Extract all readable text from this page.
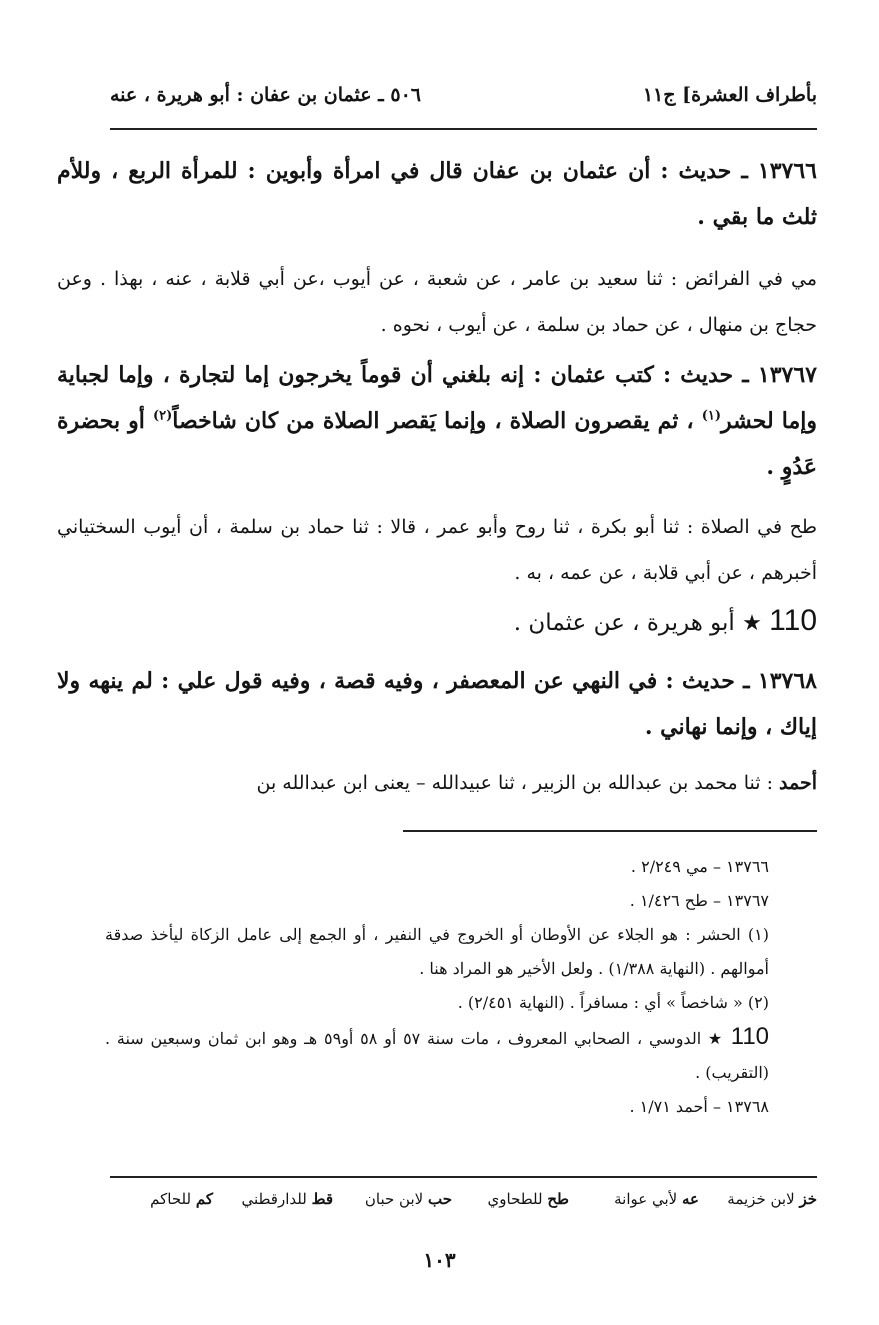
بأطراف العشرة] ج١١
٥٠٦ ـ عثمان بن عفان : أبو هريرة ، عنه
١٣٧٦٦ ـ حديث : أن عثمان بن عفان قال في امرأة وأبوين : للمرأة الربع ، وللأم ثلث ما بقي .
مي في الفرائض : ثنا سعيد بن عامر ، عن شعبة ، عن أيوب ،عن أبي قلابة ، عنه ، بهذا . وعن حجاج بن منهال ، عن حماد بن سلمة ، عن أيوب ، نحوه .
١٣٧٦٧ ـ حديث : كتب عثمان : إنه بلغني أن قوماً يخرجون إما لتجارة ، وإما لجباية وإما لحشر$^{(١)}$ ، ثم يقصرون الصلاة ، وإنما يَقصر الصلاة من كان شاخصاً$^{(٢)}$ أو بحضرة عَدُوٍ .
طح في الصلاة : ثنا أبو بكرة ، ثنا روح وأبو عمر ، قالا : ثنا حماد بن سلمة ، أن أيوب السختياني أخبرهم ، عن أبي قلابة ، عن عمه ، به .
110 ★ أبو هريرة ، عن عثمان .
١٣٧٦٨ ـ حديث : في النهي عن المعصفر ، وفيه قصة ، وفيه قول علي : لم ينهه ولا إياك ، وإنما نهاني .
أحمد : ثنا محمد بن عبدالله بن الزبير ، ثنا عبيدالله – يعنى ابن عبدالله بن

١٣٧٦٦ – مي ٢/٢٤٩ .

١٣٧٦٧ – طح ١/٤٢٦ .

(١) الحشر : هو الجلاء عن الأوطان أو الخروج في النفير ، أو الجمع إلى عامل الزكاة ليأخذ صدقة أموالهم . (النهاية ١/٣٨٨) . ولعل الأخير هو المراد هنا .

(٢) « شاخصاً » أي : مسافراً . (النهاية ٢/٤٥١) .

110 ★ الدوسي ، الصحابي المعروف ، مات سنة ٥٧ أو ٥٨ أو٥٩ هـ وهو ابن ثمان وسبعين سنة . (التقريب) .

١٣٧٦٨ – أحمد ١/٧١ .

خز لابن خزيمة
عه لأبي عوانة
طح للطحاوي
حب لابن حبان
قط للدارقطني
كم للحاكم
١٠٣
